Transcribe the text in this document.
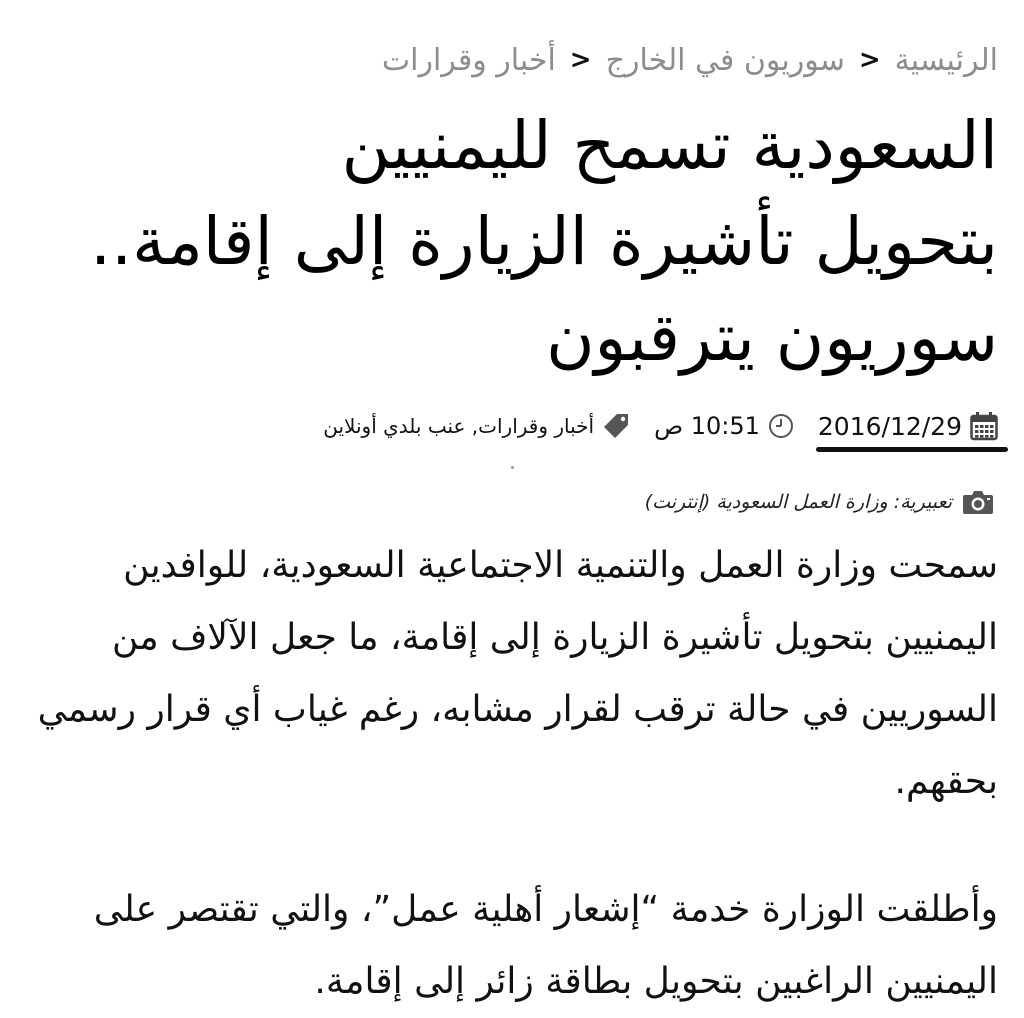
الرئيسية
<
سوريون في الخارج
<
أخبار وقرارات
السعودية تسمح لليمنيين
بتحويل تأشيرة الزيارة إلى إقامة..
سوريون يترقبون
2016/12/29
10:51 ص
أخبار وقرارات, عنب بلدي أونلاين
تعبيرية: وزارة العمل السعودية (إنترنت)

سمحت وزارة العمل والتنمية الاجتماعية السعودية، للوافدين
اليمنيين بتحويل تأشيرة الزيارة إلى إقامة، ما جعل الآلاف من
السوريين في حالة ترقب لقرار مشابه، رغم غياب أي قرار رسمي
بحقهم.

وأطلقت الوزارة خدمة “إشعار أهلية عمل”، والتي تقتصر على
اليمنيين الراغبين بتحويل بطاقة زائر إلى إقامة.
